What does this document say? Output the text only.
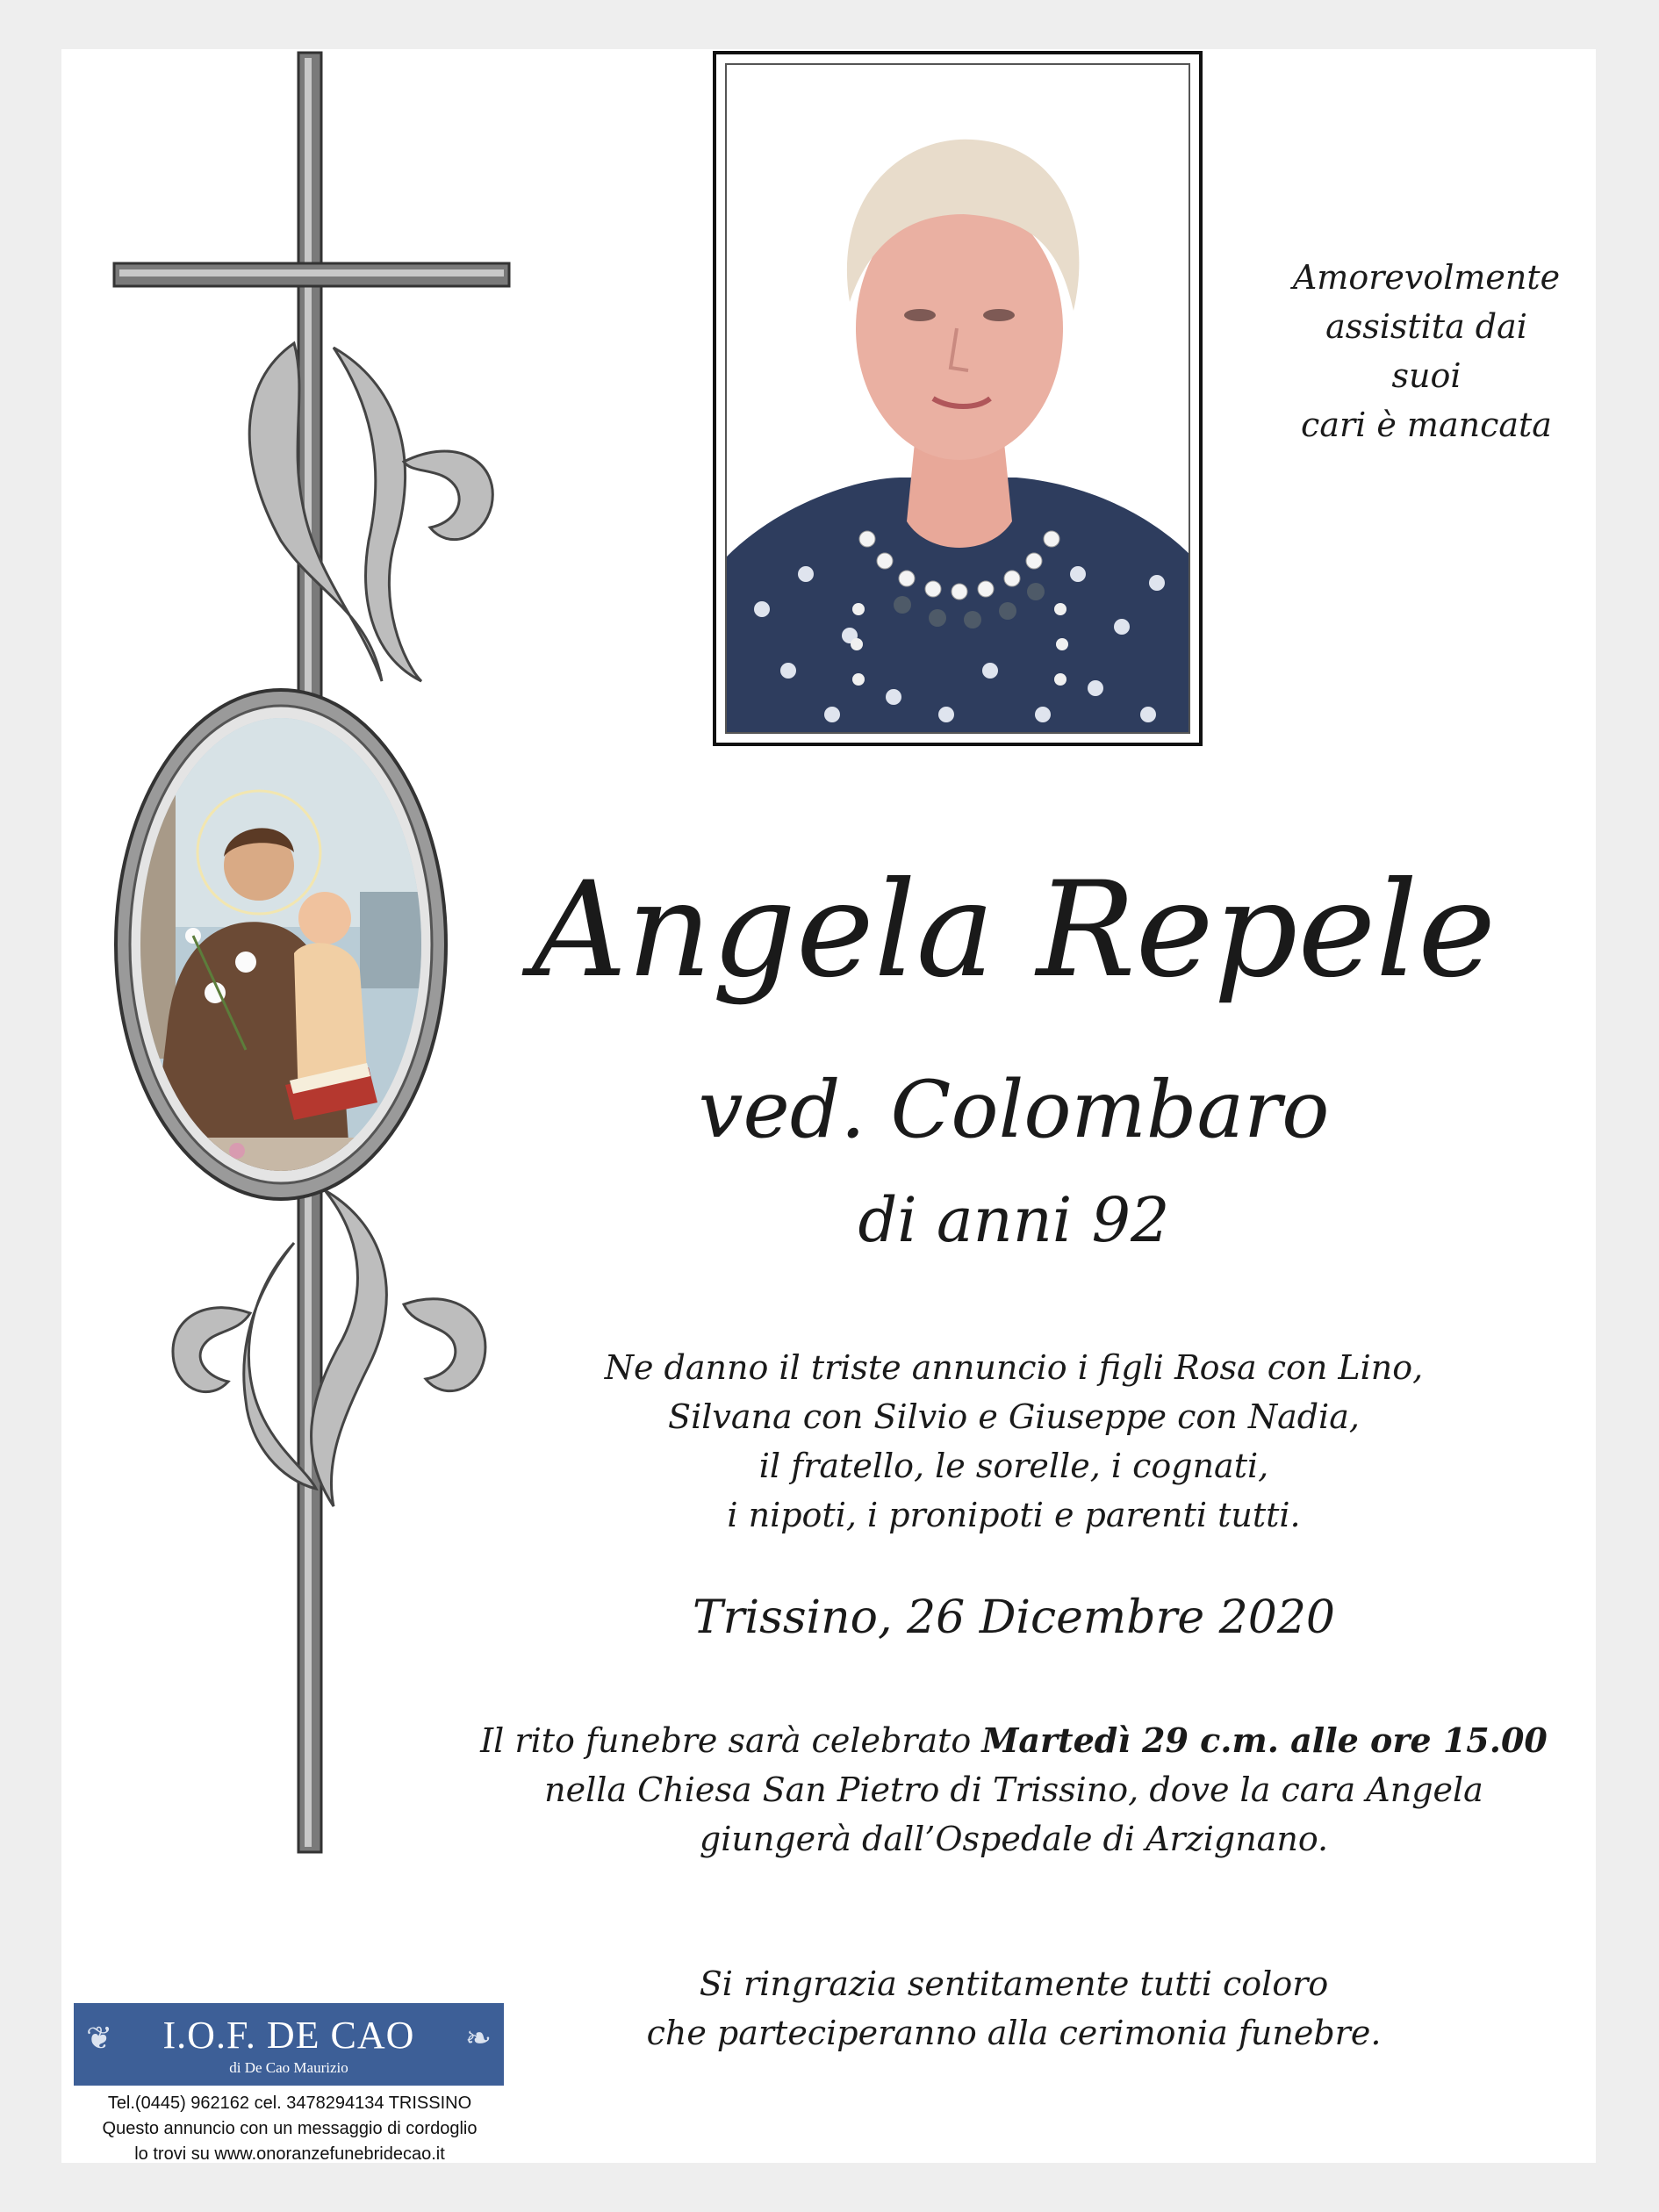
Amorevolmente
assistita dai suoi
cari è mancata
Angela Repele
ved. Colombaro
di anni 92
Ne danno il triste annuncio i figli Rosa con Lino,
Silvana con Silvio e Giuseppe con Nadia,
il fratello, le sorelle, i cognati,
i nipoti, i pronipoti e parenti tutti.
Trissino, 26 Dicembre 2020
Il rito funebre sarà celebrato Martedì 29 c.m. alle ore 15.00
nella Chiesa San Pietro di Trissino, dove la cara Angela
giungerà dall’Ospedale di Arzignano.
Si ringrazia sentitamente tutti coloro
che parteciperanno alla cerimonia funebre.
❦	❧
I.O.F. DE CAO
di De Cao Maurizio
Tel.(0445) 962162 cel. 3478294134 TRISSINO
Questo annuncio con un messaggio di cordoglio
lo trovi su www.onoranzefunebridecao.it
